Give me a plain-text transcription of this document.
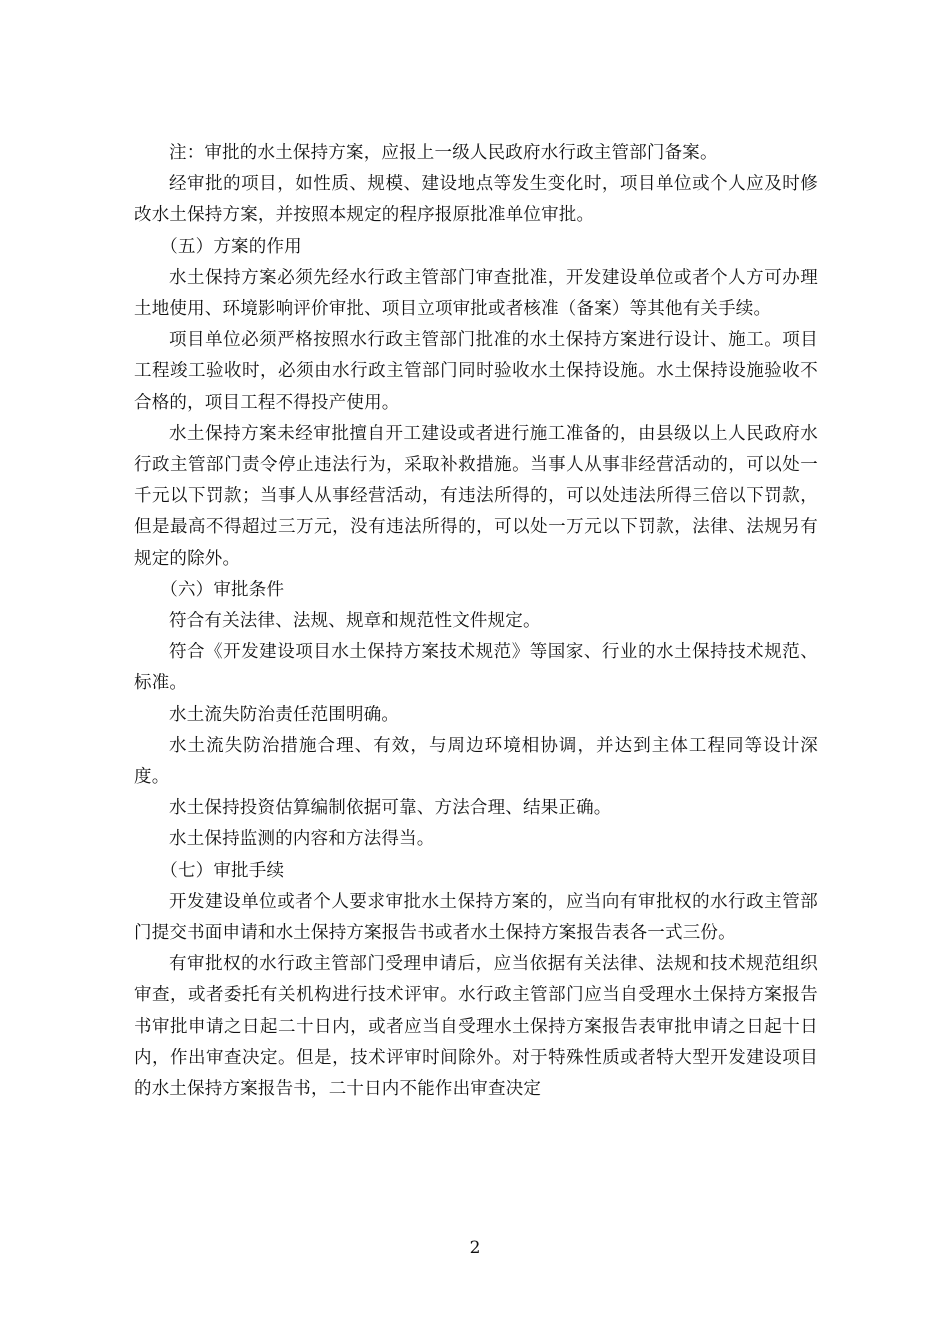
注：审批的水土保持方案，应报上一级人民政府水行政主管部门备案。

经审批的项目，如性质、规模、建设地点等发生变化时，项目单位或个人应及时修改水土保持方案，并按照本规定的程序报原批准单位审批。

（五）方案的作用

水土保持方案必须先经水行政主管部门审查批准，开发建设单位或者个人方可办理土地使用、环境影响评价审批、项目立项审批或者核准（备案）等其他有关手续。

项目单位必须严格按照水行政主管部门批准的水土保持方案进行设计、施工。项目工程竣工验收时，必须由水行政主管部门同时验收水土保持设施。水土保持设施验收不合格的，项目工程不得投产使用。

水土保持方案未经审批擅自开工建设或者进行施工准备的，由县级以上人民政府水行政主管部门责令停止违法行为，采取补救措施。当事人从事非经营活动的，可以处一千元以下罚款；当事人从事经营活动，有违法所得的，可以处违法所得三倍以下罚款，但是最高不得超过三万元，没有违法所得的，可以处一万元以下罚款，法律、法规另有规定的除外。

（六）审批条件

符合有关法律、法规、规章和规范性文件规定。

符合《开发建设项目水土保持方案技术规范》等国家、行业的水土保持技术规范、标准。

水土流失防治责任范围明确。

水土流失防治措施合理、有效，与周边环境相协调，并达到主体工程同等设计深度。

水土保持投资估算编制依据可靠、方法合理、结果正确。

水土保持监测的内容和方法得当。

（七）审批手续

开发建设单位或者个人要求审批水土保持方案的，应当向有审批权的水行政主管部门提交书面申请和水土保持方案报告书或者水土保持方案报告表各一式三份。

有审批权的水行政主管部门受理申请后，应当依据有关法律、法规和技术规范组织审查，或者委托有关机构进行技术评审。水行政主管部门应当自受理水土保持方案报告书审批申请之日起二十日内，或者应当自受理水土保持方案报告表审批申请之日起十日内，作出审查决定。但是，技术评审时间除外。对于特殊性质或者特大型开发建设项目的水土保持方案报告书，二十日内不能作出审查决定

2
